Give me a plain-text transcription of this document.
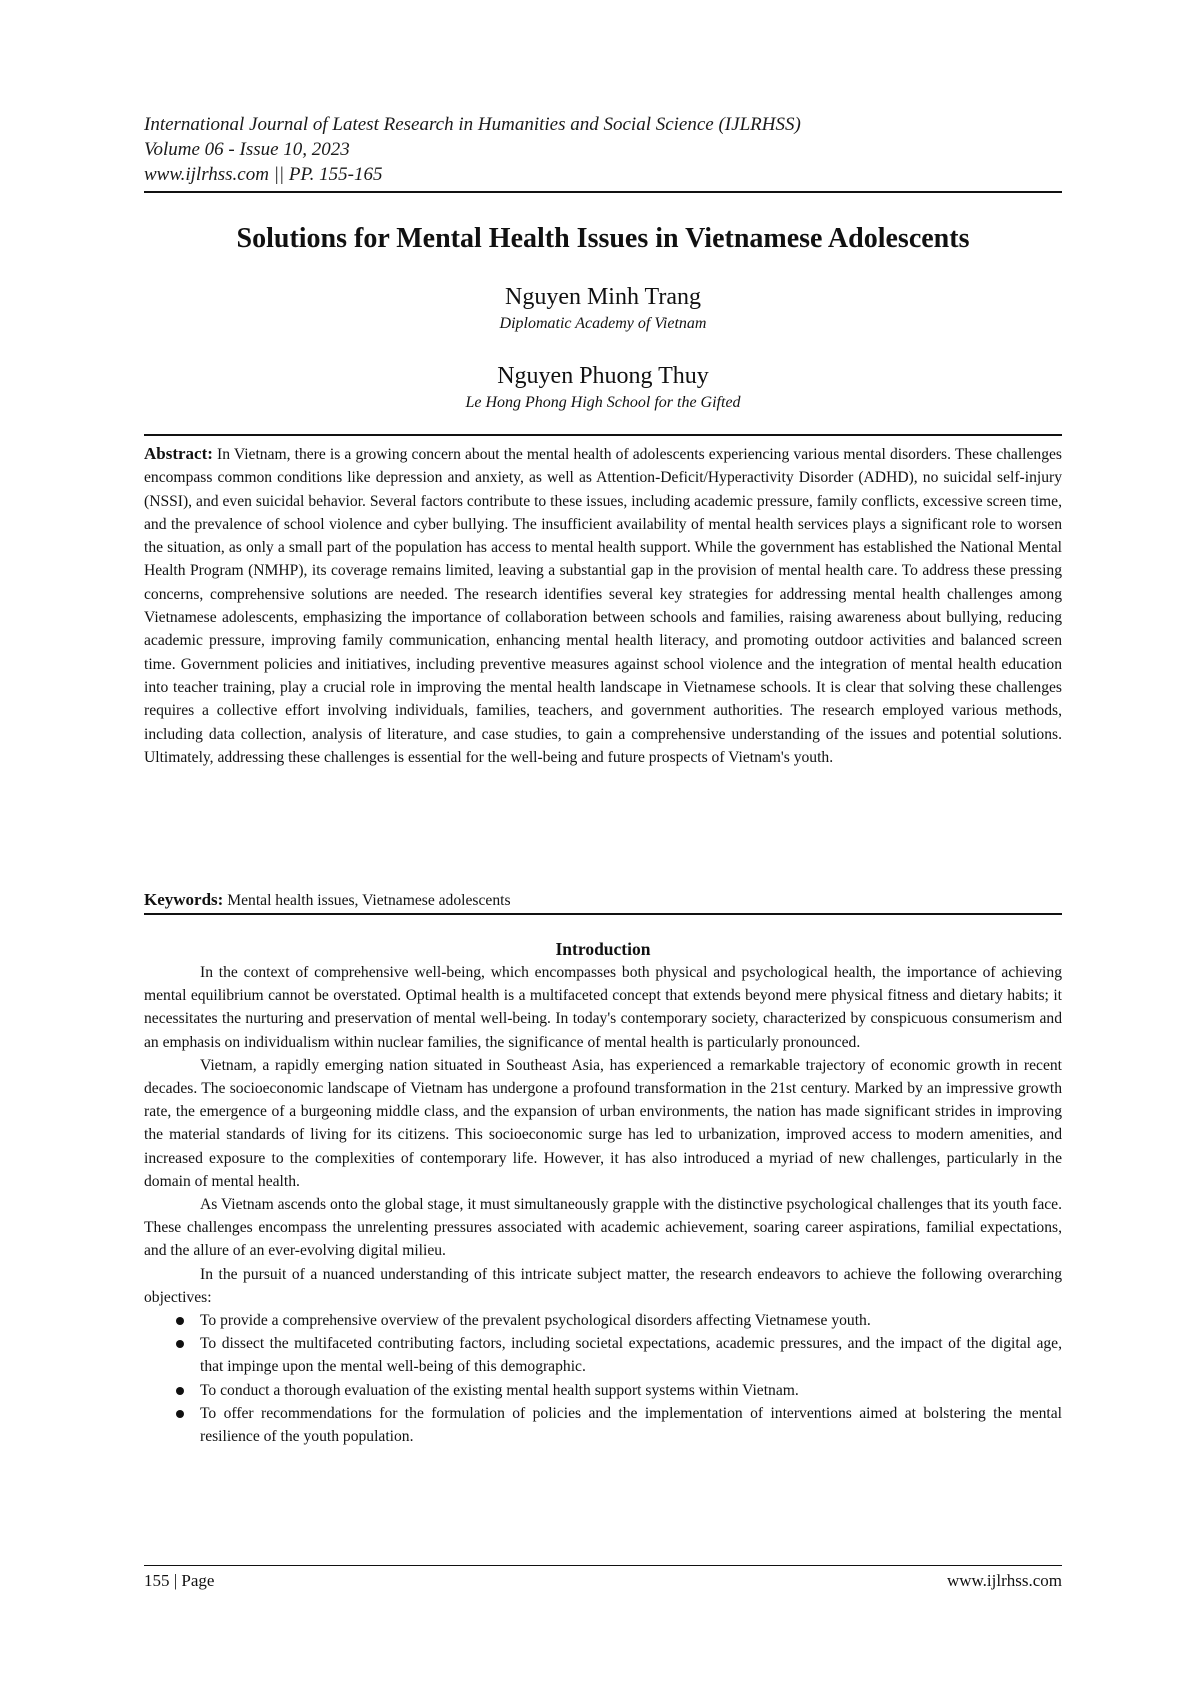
International Journal of Latest Research in Humanities and Social Science (IJLRHSS)
Volume 06 - Issue 10, 2023
www.ijlrhss.com || PP. 155-165
Solutions for Mental Health Issues in Vietnamese Adolescents
Nguyen Minh Trang
Diplomatic Academy of Vietnam
Nguyen Phuong Thuy
Le Hong Phong High School for the Gifted
Abstract: In Vietnam, there is a growing concern about the mental health of adolescents experiencing various mental disorders. These challenges encompass common conditions like depression and anxiety, as well as Attention-Deficit/Hyperactivity Disorder (ADHD), no suicidal self-injury (NSSI), and even suicidal behavior. Several factors contribute to these issues, including academic pressure, family conflicts, excessive screen time, and the prevalence of school violence and cyber bullying. The insufficient availability of mental health services plays a significant role to worsen the situation, as only a small part of the population has access to mental health support. While the government has established the National Mental Health Program (NMHP), its coverage remains limited, leaving a substantial gap in the provision of mental health care. To address these pressing concerns, comprehensive solutions are needed. The research identifies several key strategies for addressing mental health challenges among Vietnamese adolescents, emphasizing the importance of collaboration between schools and families, raising awareness about bullying, reducing academic pressure, improving family communication, enhancing mental health literacy, and promoting outdoor activities and balanced screen time. Government policies and initiatives, including preventive measures against school violence and the integration of mental health education into teacher training, play a crucial role in improving the mental health landscape in Vietnamese schools. It is clear that solving these challenges requires a collective effort involving individuals, families, teachers, and government authorities. The research employed various methods, including data collection, analysis of literature, and case studies, to gain a comprehensive understanding of the issues and potential solutions. Ultimately, addressing these challenges is essential for the well-being and future prospects of Vietnam's youth.
Keywords: Mental health issues, Vietnamese adolescents
Introduction

In the context of comprehensive well-being, which encompasses both physical and psychological health, the importance of achieving mental equilibrium cannot be overstated. Optimal health is a multifaceted concept that extends beyond mere physical fitness and dietary habits; it necessitates the nurturing and preservation of mental well-being. In today's contemporary society, characterized by conspicuous consumerism and an emphasis on individualism within nuclear families, the significance of mental health is particularly pronounced.

Vietnam, a rapidly emerging nation situated in Southeast Asia, has experienced a remarkable trajectory of economic growth in recent decades. The socioeconomic landscape of Vietnam has undergone a profound transformation in the 21st century. Marked by an impressive growth rate, the emergence of a burgeoning middle class, and the expansion of urban environments, the nation has made significant strides in improving the material standards of living for its citizens. This socioeconomic surge has led to urbanization, improved access to modern amenities, and increased exposure to the complexities of contemporary life. However, it has also introduced a myriad of new challenges, particularly in the domain of mental health.

As Vietnam ascends onto the global stage, it must simultaneously grapple with the distinctive psychological challenges that its youth face. These challenges encompass the unrelenting pressures associated with academic achievement, soaring career aspirations, familial expectations, and the allure of an ever-evolving digital milieu.

In the pursuit of a nuanced understanding of this intricate subject matter, the research endeavors to achieve the following overarching objectives:

To provide a comprehensive overview of the prevalent psychological disorders affecting Vietnamese youth.
To dissect the multifaceted contributing factors, including societal expectations, academic pressures, and the impact of the digital age, that impinge upon the mental well-being of this demographic.
To conduct a thorough evaluation of the existing mental health support systems within Vietnam.
To offer recommendations for the formulation of policies and the implementation of interventions aimed at bolstering the mental resilience of the youth population.
155 | Page	www.ijlrhss.com
